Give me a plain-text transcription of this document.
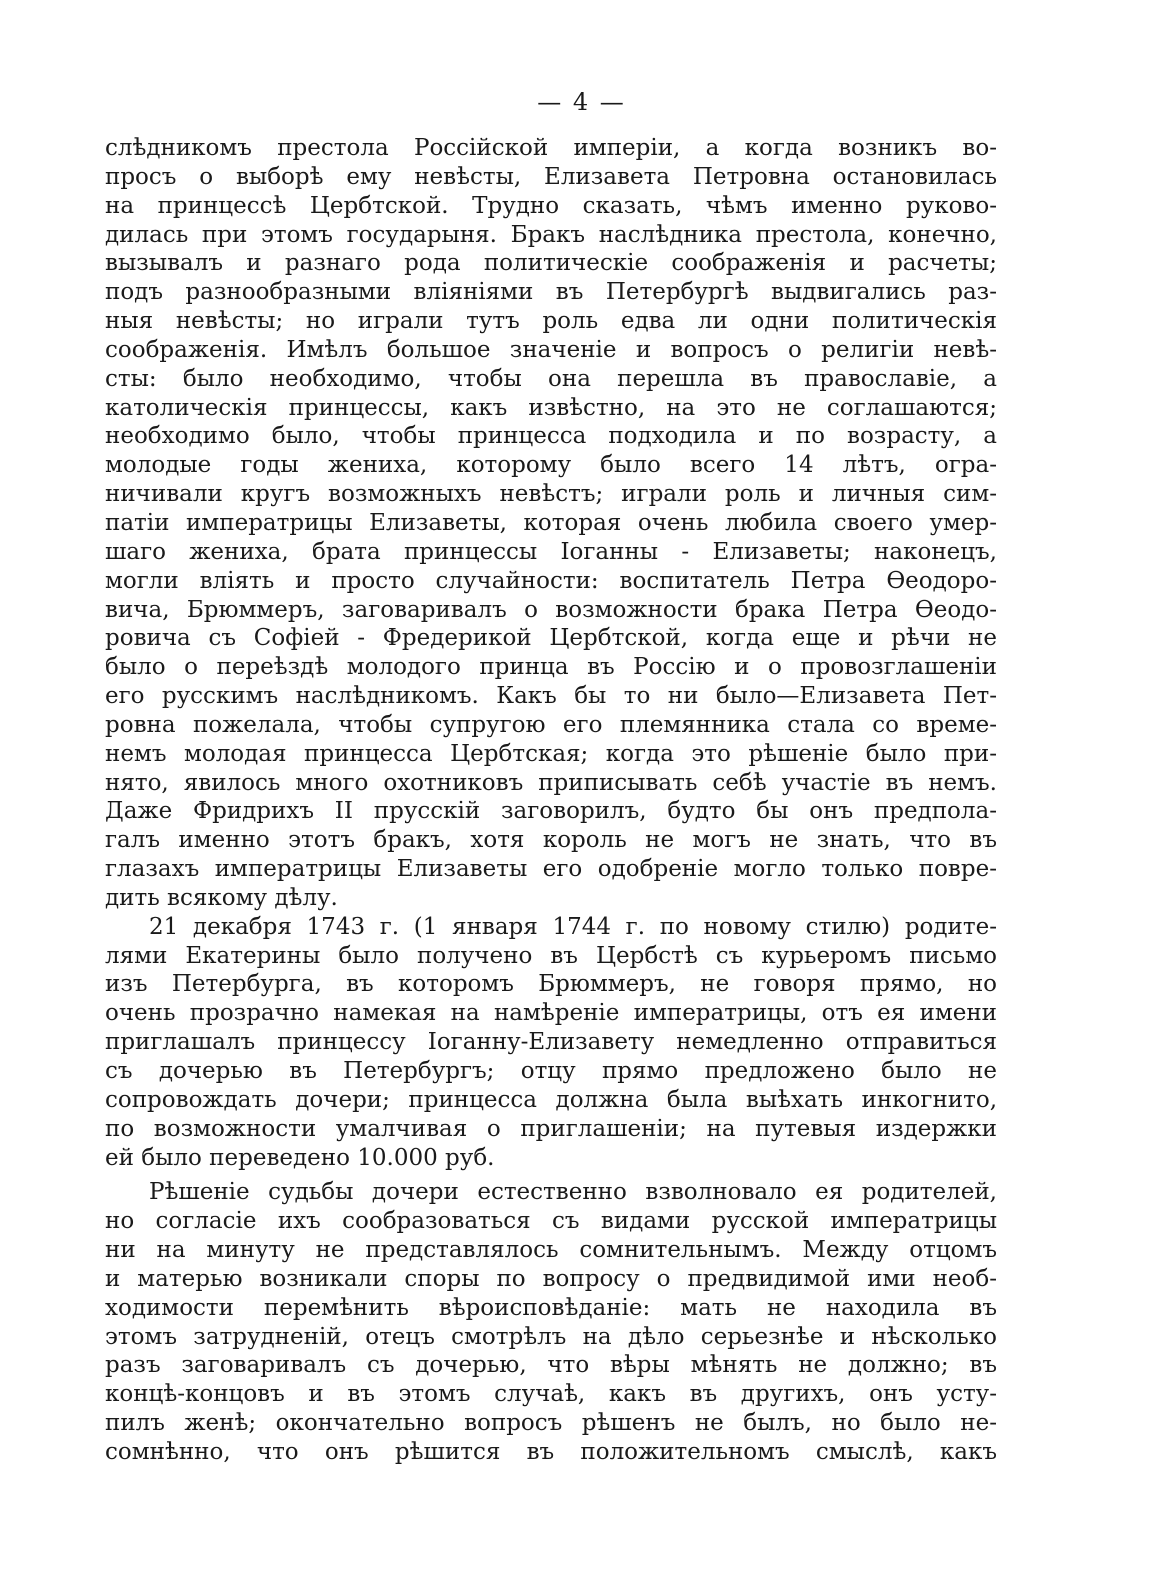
— 4 —
слѣдникомъ престола Россійской имперіи, а когда возникъ во-
просъ о выборѣ ему невѣсты, Елизавета Петровна остановилась
на принцессѣ Цербтской. Трудно сказать, чѣмъ именно руково-
дилась при этомъ государыня. Бракъ наслѣдника престола, конечно,
вызывалъ и разнаго рода политическіе соображенія и расчеты;
подъ разнообразными вліяніями въ Петербургѣ выдвигались раз-
ныя невѣсты; но играли тутъ роль едва ли одни политическія
соображенія. Имѣлъ большое значеніе и вопросъ о религіи невѣ-
сты: было необходимо, чтобы она перешла въ православіе, а
католическія принцессы, какъ извѣстно, на это не соглашаются;
необходимо было, чтобы принцесса подходила и по возрасту, а
молодые годы жениха, которому было всего 14 лѣтъ, огра-
ничивали кругъ возможныхъ невѣстъ; играли роль и личныя сим-
патіи императрицы Елизаветы, которая очень любила своего умер-
шаго жениха, брата принцессы Іоганны - Елизаветы; наконецъ,
могли вліять и просто случайности: воспитатель Петра Ѳеодоро-
вича, Брюммеръ, заговаривалъ о возможности брака Петра Ѳеодо-
ровича съ Софіей - Фредерикой Цербтской, когда еще и рѣчи не
было о переѣздѣ молодого принца въ Россію и о провозглашеніи
его русскимъ наслѣдникомъ. Какъ бы то ни было—Елизавета Пет-
ровна пожелала, чтобы супругою его племянника стала со време-
немъ молодая принцесса Цербтская; когда это рѣшеніе было при-
нято, явилось много охотниковъ приписывать себѣ участіе въ немъ.
Даже Фридрихъ II прусскій заговорилъ, будто бы онъ предпола-
галъ именно этотъ бракъ, хотя король не могъ не знать, что въ
глазахъ императрицы Елизаветы его одобреніе могло только повре-
дить всякому дѣлу.
21 декабря 1743 г. (1 января 1744 г. по новому стилю) родите-
лями Екатерины было получено въ Цербстѣ съ курьеромъ письмо
изъ Петербурга, въ которомъ Брюммеръ, не говоря прямо, но
очень прозрачно намекая на намѣреніе императрицы, отъ ея имени
приглашалъ принцессу Іоганну-Елизавету немедленно отправиться
съ дочерью въ Петербургъ; отцу прямо предложено было не
сопровождать дочери; принцесса должна была выѣхать инкогнито,
по возможности умалчивая о приглашеніи; на путевыя издержки
ей было переведено 10.000 руб.
Рѣшеніе судьбы дочери естественно взволновало ея родителей,
но согласіе ихъ сообразоваться съ видами русской императрицы
ни на минуту не представлялось сомнительнымъ. Между отцомъ
и матерью возникали споры по вопросу о предвидимой ими необ-
ходимости перемѣнить вѣроисповѣданіе: мать не находила въ
этомъ затрудненій, отецъ смотрѣлъ на дѣло серьезнѣе и нѣсколько
разъ заговаривалъ съ дочерью, что вѣры мѣнять не должно; въ
концѣ-концовъ и въ этомъ случаѣ, какъ въ другихъ, онъ усту-
пилъ женѣ; окончательно вопросъ рѣшенъ не былъ, но было не-
сомнѣнно, что онъ рѣшится въ положительномъ смыслѣ, какъ
